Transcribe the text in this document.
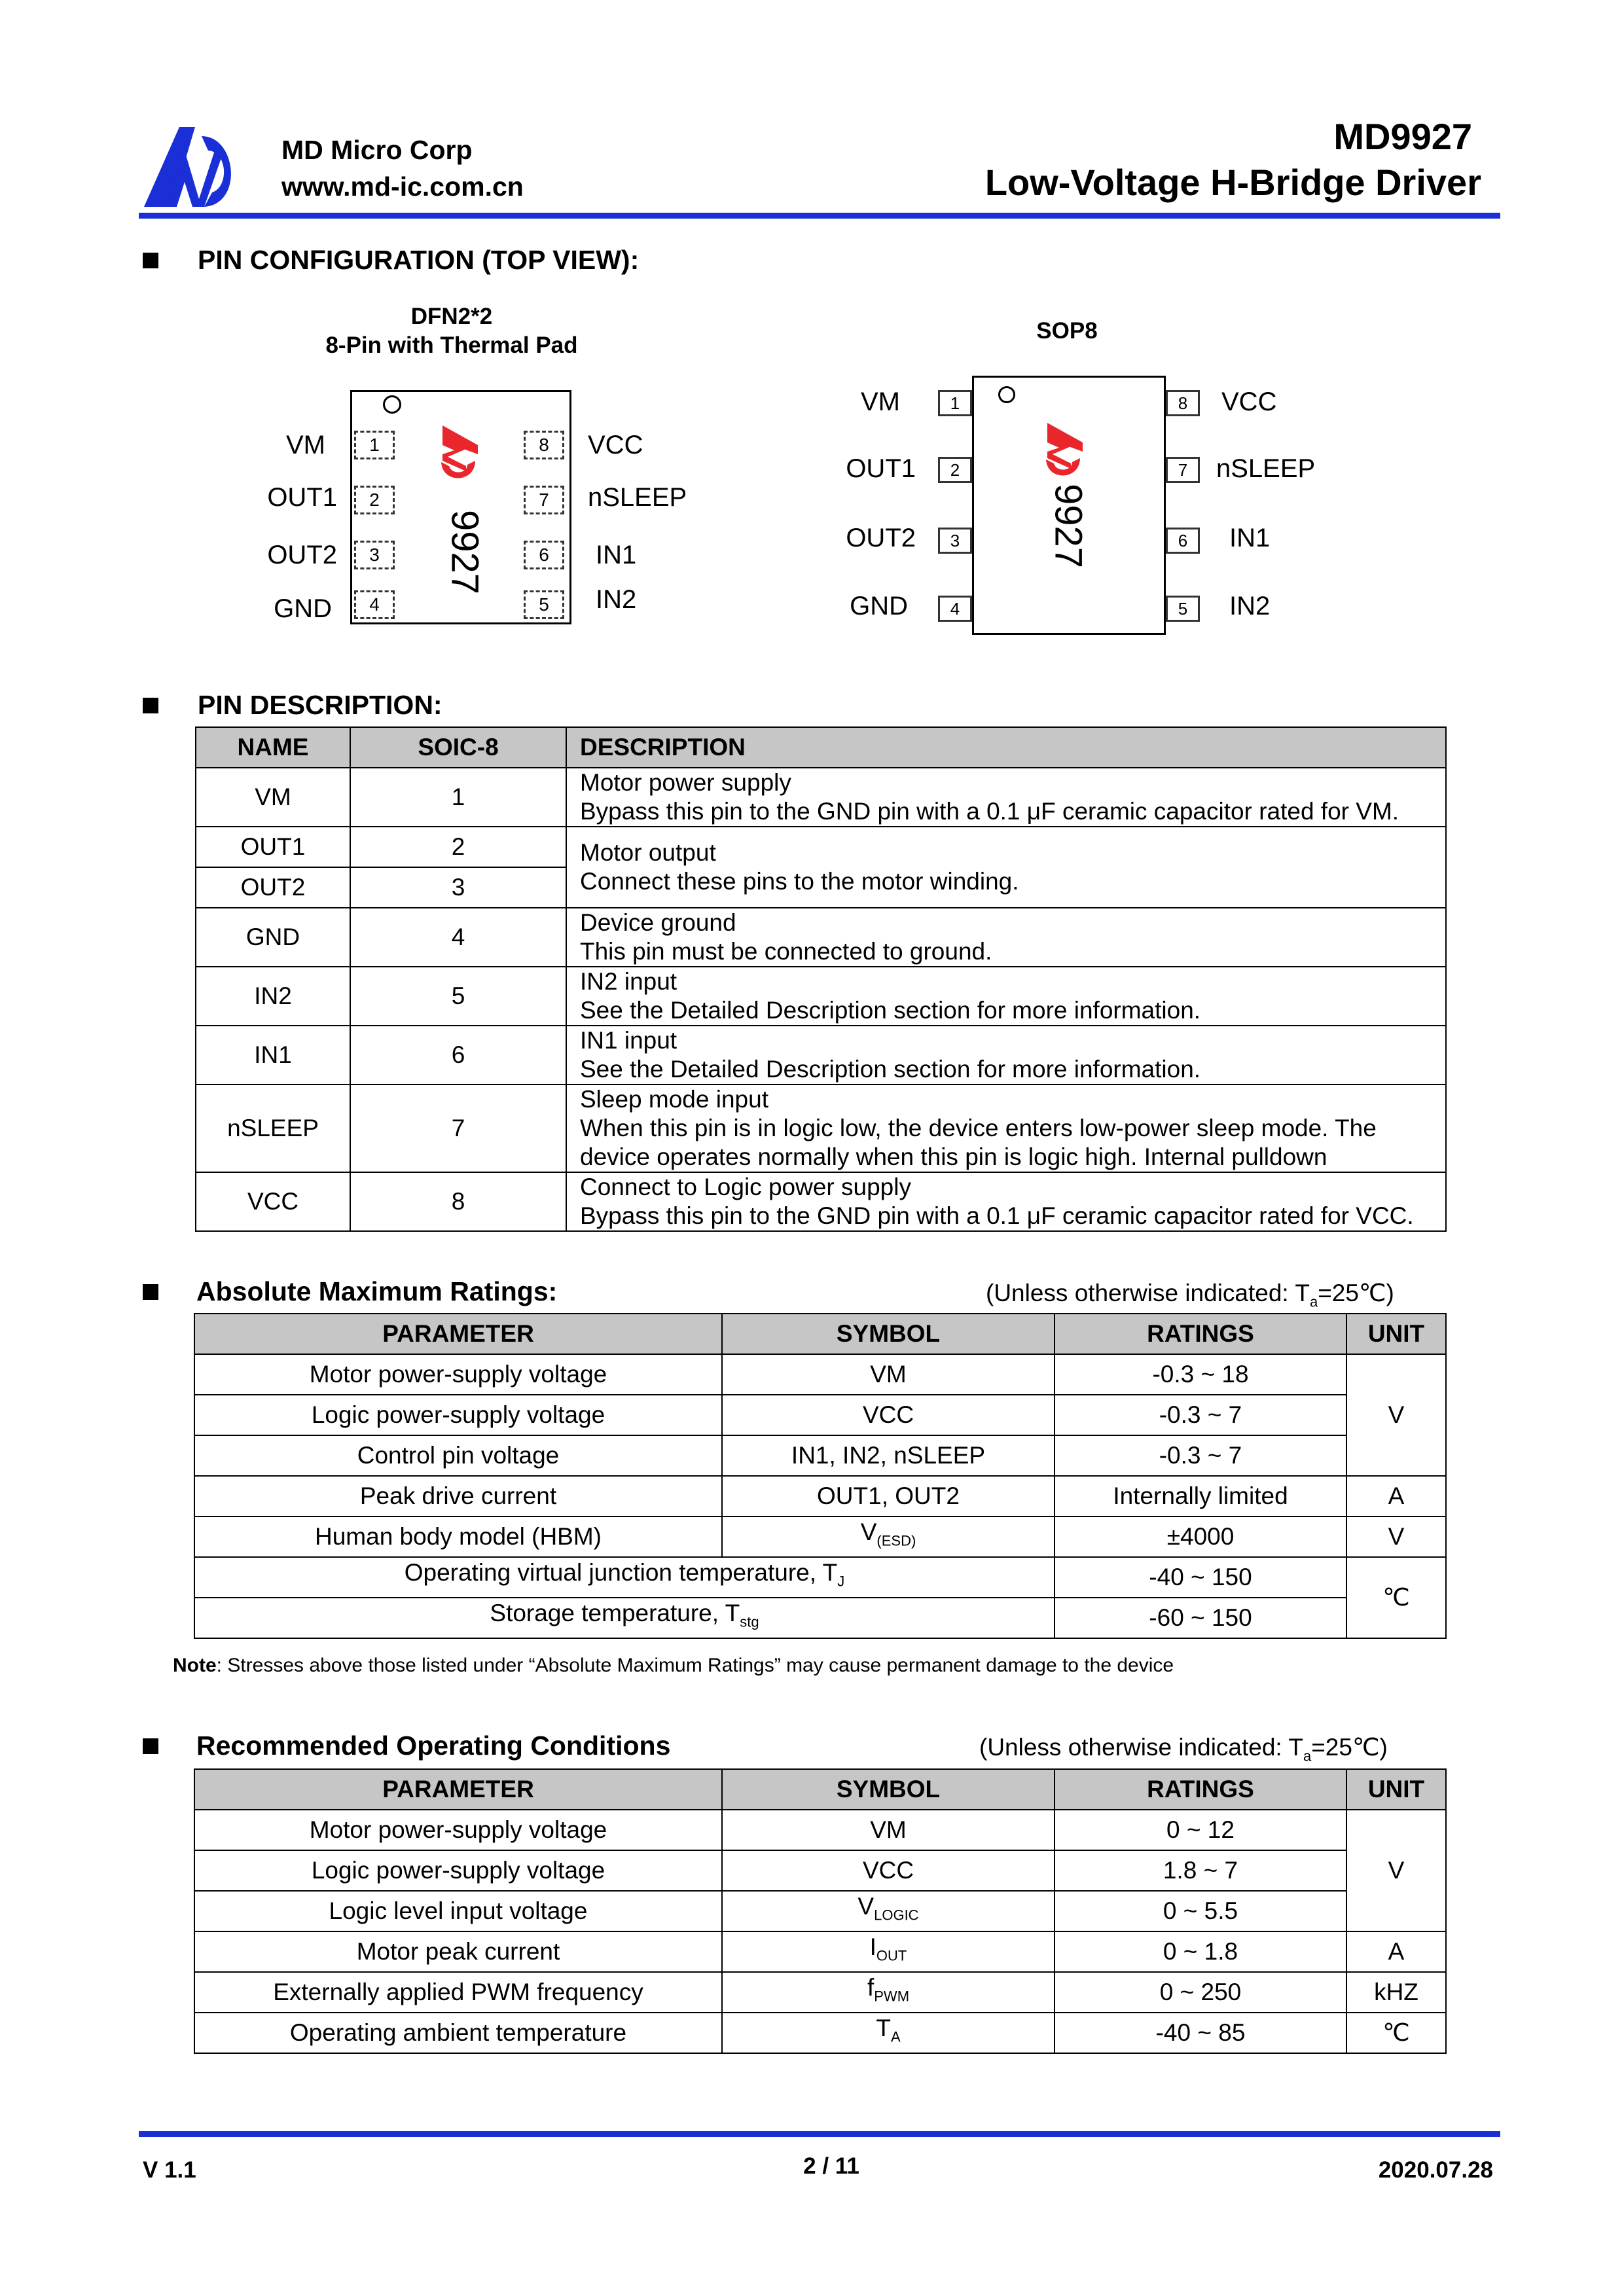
MD Micro Corp
www.md-ic.com.cn
MD9927
Low-Voltage H-Bridge Driver
PIN CONFIGURATION (TOP VIEW):
DFN2*2
8-Pin with Thermal Pad
9927
VM
OUT1
OUT2
GND
1
2
3
4
8
7
6
5
VCC
nSLEEP
IN1
IN2
SOP8
9927
VM
OUT1
OUT2
GND
1
2
3
4
8
7
6
5
VCC
nSLEEP
IN1
IN2
PIN DESCRIPTION:
NAME	SOIC-8	DESCRIPTION
VM	1	Motor power supply
Bypass this pin to the GND pin with a 0.1 μF ceramic capacitor rated for VM.

OUT1	2	Motor output
Connect these pins to the motor winding.

OUT2	3	
GND	4	Device ground
This pin must be connected to ground.

IN2	5	IN2 input
See the Detailed Description section for more information.

IN1	6	IN1 input
See the Detailed Description section for more information.

nSLEEP	7	Sleep mode input
When this pin is in logic low, the device enters low-power sleep mode. The
device operates normally when this pin is logic high. Internal pulldown

VCC	8	Connect to Logic power supply
Bypass this pin to the GND pin with a 0.1 μF ceramic capacitor rated for VCC.
Absolute Maximum Ratings:	(Unless otherwise indicated: $T_a=25℃$)
PARAMETER	SYMBOL	RATINGS	UNIT
Motor power-supply voltage	VM	-0.3 ~ 18	V
Logic power-supply voltage	VCC	-0.3 ~ 7	
Control pin voltage	IN1, IN2, nSLEEP	-0.3 ~ 7	
Peak drive current	OUT1, OUT2	Internally limited	A
Human body model (HBM)	$V_{(ESD)}$	±4000	V
Operating virtual junction temperature, $T_J$		-40 ~ 150	℃
Storage temperature, $T_{stg}$		-60 ~ 150	
Note: Stresses above those listed under “Absolute Maximum Ratings” may cause permanent damage to the device
Recommended Operating Conditions	(Unless otherwise indicated: $T_a=25℃$)
PARAMETER	SYMBOL	RATINGS	UNIT
Motor power-supply voltage	VM	0 ~ 12	V
Logic power-supply voltage	VCC	1.8 ~ 7	
Logic level input voltage	$V_{LOGIC}$	0 ~ 5.5	
Motor peak current	$I_{OUT}$	0 ~ 1.8	A
Externally applied PWM frequency	$f_{PWM}$	0 ~ 250	kHZ
Operating ambient temperature	$T_A$	-40 ~ 85	℃
V 1.1	2 / 11	2020.07.28
